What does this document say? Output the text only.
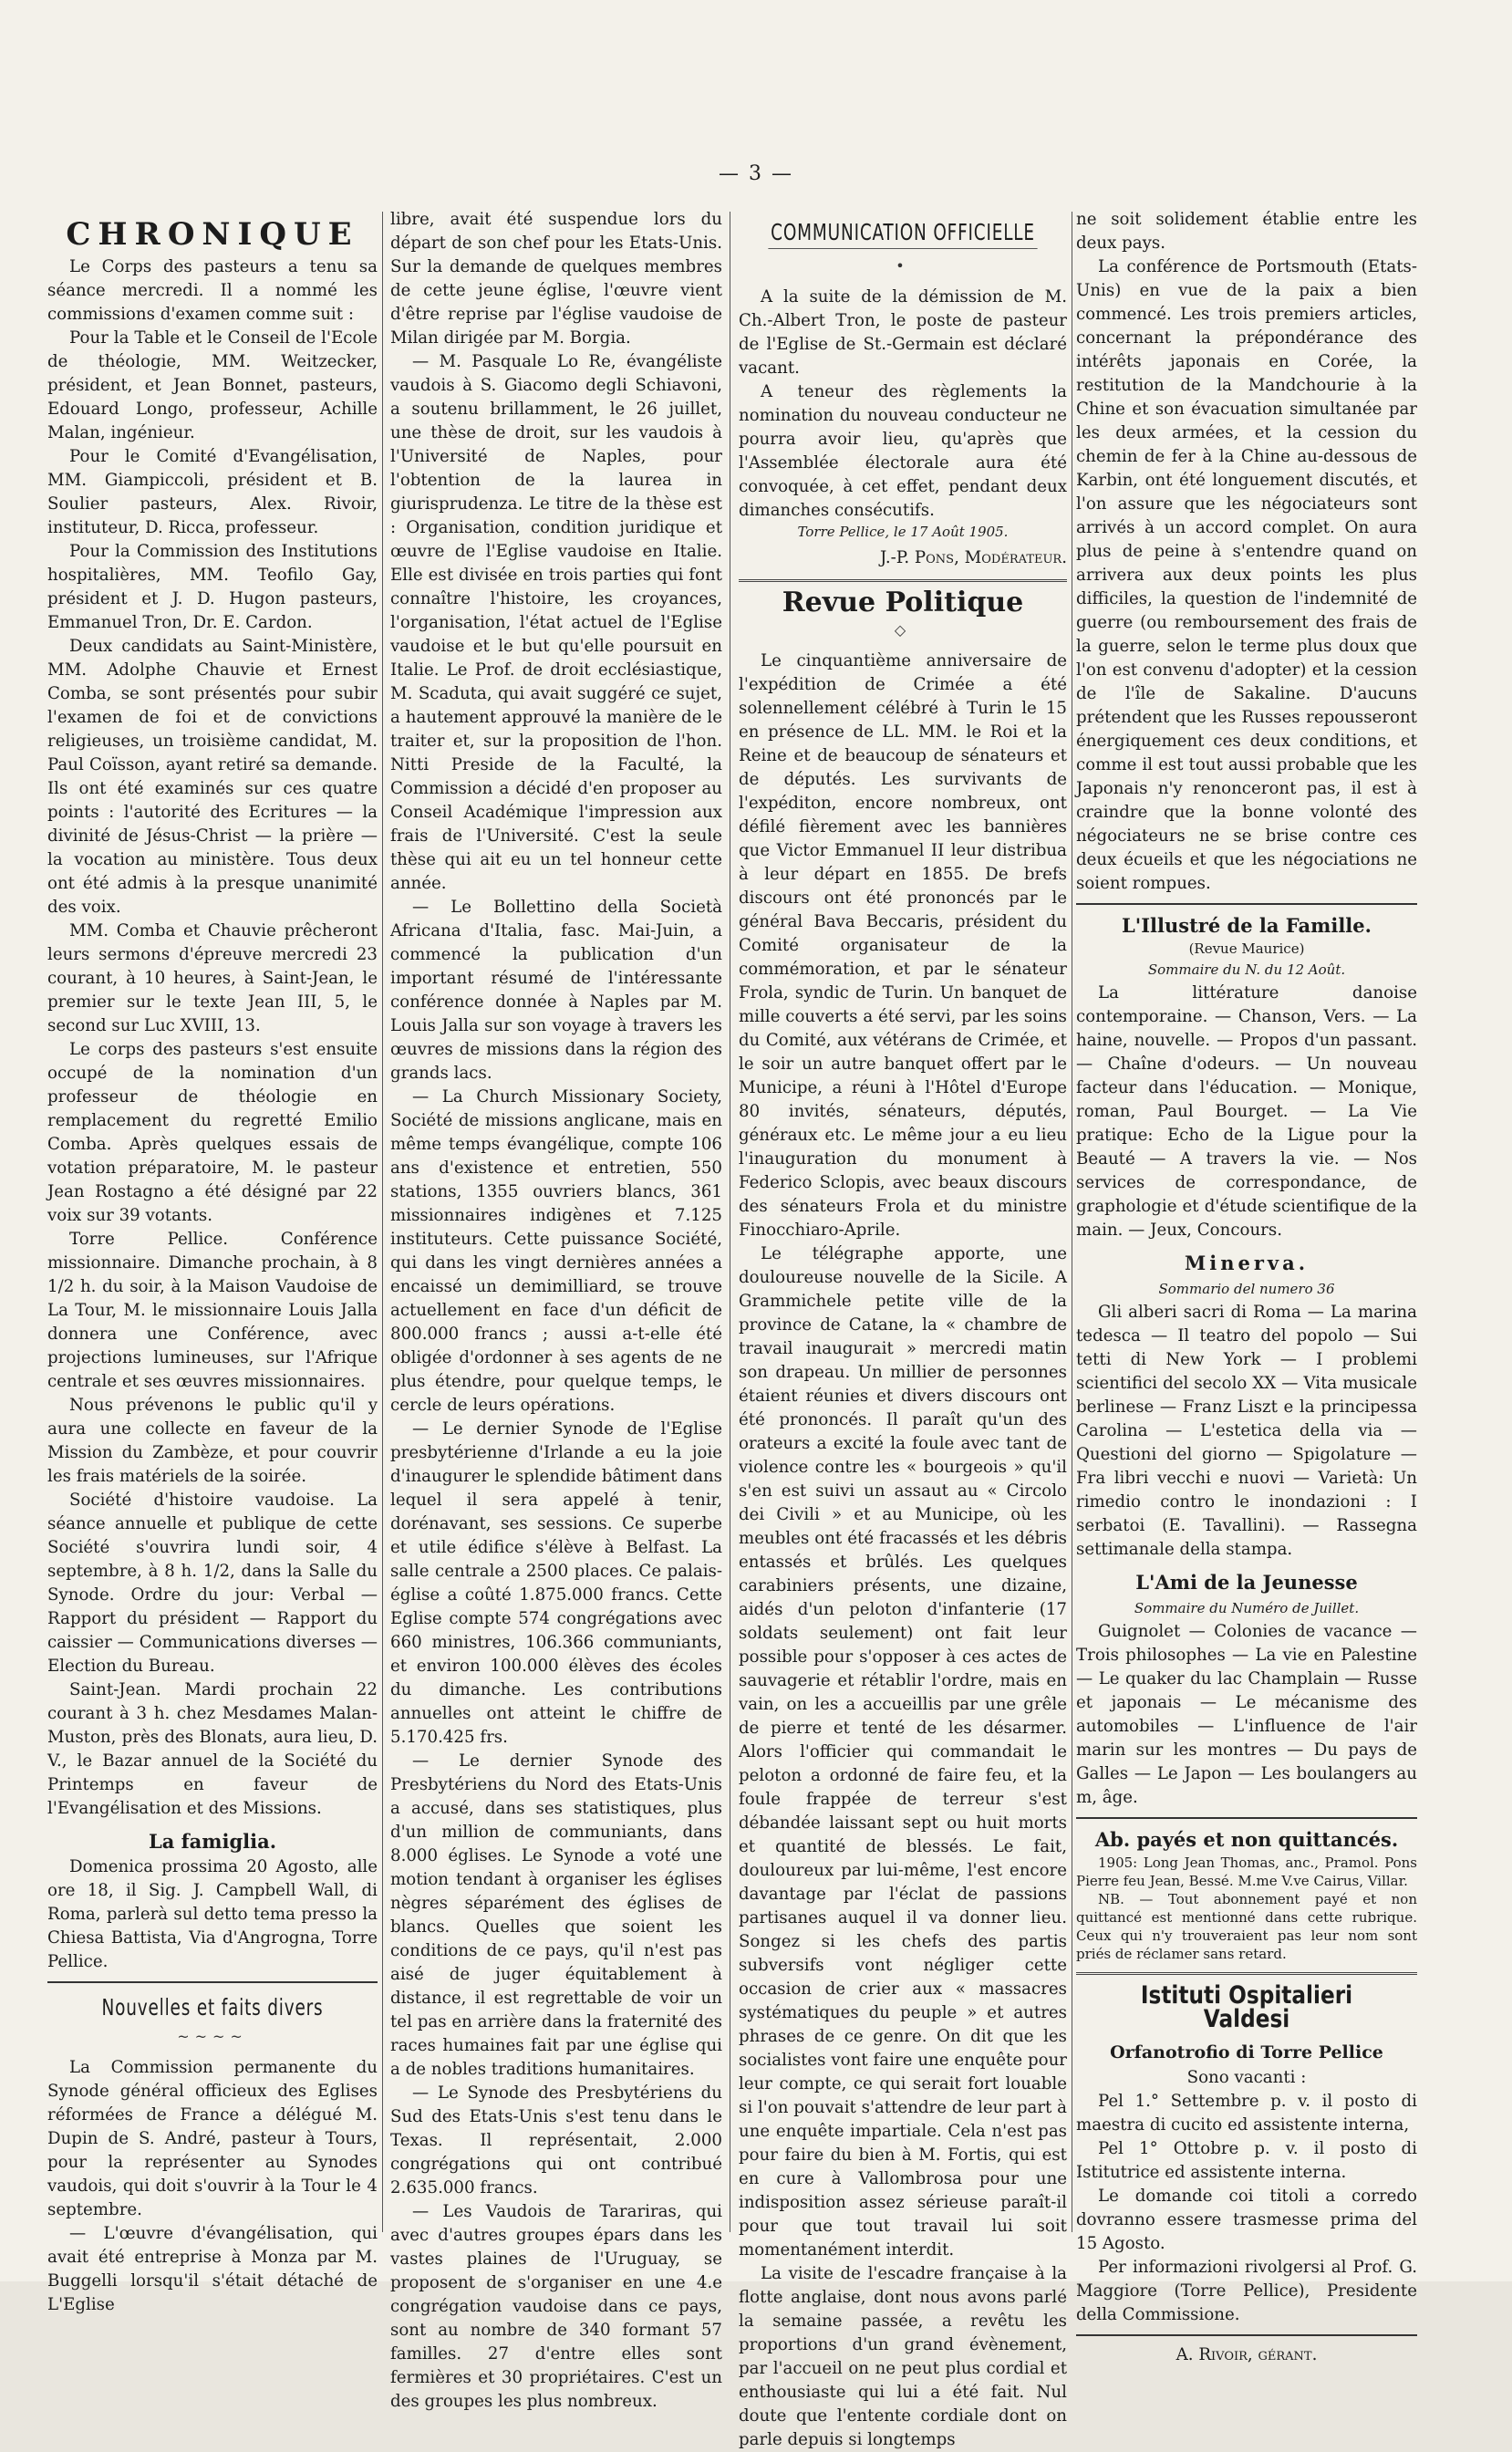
— 3 —
CHRONIQUE

Le Corps des pasteurs a tenu sa séance mercredi. Il a nommé les commissions d'examen comme suit :

Pour la Table et le Conseil de l'Ecole de théologie, MM. Weitzecker, président, et Jean Bonnet, pasteurs, Edouard Longo, professeur, Achille Malan, ingénieur.

Pour le Comité d'Evangélisation, MM. Giampiccoli, président et B. Soulier pasteurs, Alex. Rivoir, instituteur, D. Ricca, professeur.

Pour la Commission des Institutions hospitalières, MM. Teofilo Gay, président et J. D. Hugon pasteurs, Emmanuel Tron, Dr. E. Cardon.

Deux candidats au Saint-Ministère, MM. Adolphe Chauvie et Ernest Comba, se sont présentés pour subir l'examen de foi et de convictions religieuses, un troisième candidat, M. Paul Coïsson, ayant retiré sa demande. Ils ont été examinés sur ces quatre points : l'autorité des Ecritures — la divinité de Jésus-Christ — la prière — la vocation au ministère. Tous deux ont été admis à la presque unanimité des voix.

MM. Comba et Chauvie prêcheront leurs sermons d'épreuve mercredi 23 courant, à 10 heures, à Saint-Jean, le premier sur le texte Jean III, 5, le second sur Luc XVIII, 13.

Le corps des pasteurs s'est ensuite occupé de la nomination d'un professeur de théologie en remplacement du regretté Emilio Comba. Après quelques essais de votation préparatoire, M. le pasteur Jean Rostagno a été désigné par 22 voix sur 39 votants.

Torre Pellice. Conférence missionnaire. Dimanche prochain, à 8 1/2 h. du soir, à la Maison Vaudoise de La Tour, M. le missionnaire Louis Jalla donnera une Conférence, avec projections lumineuses, sur l'Afrique centrale et ses œuvres missionnaires.

Nous prévenons le public qu'il y aura une collecte en faveur de la Mission du Zambèze, et pour couvrir les frais matériels de la soirée.

Société d'histoire vaudoise. La séance annuelle et publique de cette Société s'ouvrira lundi soir, 4 septembre, à 8 h. 1/2, dans la Salle du Synode. Ordre du jour: Verbal — Rapport du président — Rapport du caissier — Communications diverses — Election du Bureau.

Saint-Jean. Mardi prochain 22 courant à 3 h. chez Mesdames Malan-Muston, près des Blonats, aura lieu, D. V., le Bazar annuel de la Société du Printemps en faveur de l'Evangélisation et des Missions.

La famiglia.

Domenica prossima 20 Agosto, alle ore 18, il Sig. J. Campbell Wall, di Roma, parlerà sul detto tema presso la Chiesa Battista, Via d'Angrogna, Torre Pellice.

Nouvelles et faits divers
~~~~

La Commission permanente du Synode général officieux des Eglises réformées de France a délégué M. Dupin de S. André, pasteur à Tours, pour la représenter au Synodes vaudois, qui doit s'ouvrir à la Tour le 4 septembre.

— L'œuvre d'évangélisation, qui avait été entreprise à Monza par M. Buggelli lorsqu'il s'était détaché de L'Eglise

libre, avait été suspendue lors du départ de son chef pour les Etats-Unis. Sur la demande de quelques membres de cette jeune église, l'œuvre vient d'être reprise par l'église vaudoise de Milan dirigée par M. Borgia.

— M. Pasquale Lo Re, évangéliste vaudois à S. Giacomo degli Schiavoni, a soutenu brillamment, le 26 juillet, une thèse de droit, sur les vaudois à l'Université de Naples, pour l'obtention de la laurea in giurisprudenza. Le titre de la thèse est : Organisation, condition juridique et œuvre de l'Eglise vaudoise en Italie. Elle est divisée en trois parties qui font connaître l'histoire, les croyances, l'organisation, l'état actuel de l'Eglise vaudoise et le but qu'elle poursuit en Italie. Le Prof. de droit ecclésiastique, M. Scaduta, qui avait suggéré ce sujet, a hautement approuvé la manière de le traiter et, sur la proposition de l'hon. Nitti Preside de la Faculté, la Commission a décidé d'en proposer au Conseil Académique l'impression aux frais de l'Université. C'est la seule thèse qui ait eu un tel honneur cette année.

— Le Bollettino della Società Africana d'Italia, fasc. Mai-Juin, a commencé la publication d'un important résumé de l'intéressante conférence donnée à Naples par M. Louis Jalla sur son voyage à travers les œuvres de missions dans la région des grands lacs.

— La Church Missionary Society, Société de missions anglicane, mais en même temps évangélique, compte 106 ans d'existence et entretien, 550 stations, 1355 ouvriers blancs, 361 missionnaires indigènes et 7.125 instituteurs. Cette puissance Société, qui dans les vingt dernières années a encaissé un demimilliard, se trouve actuellement en face d'un déficit de 800.000 francs ; aussi a-t-elle été obligée d'ordonner à ses agents de ne plus étendre, pour quelque temps, le cercle de leurs opérations.

— Le dernier Synode de l'Eglise presbytérienne d'Irlande a eu la joie d'inaugurer le splendide bâtiment dans lequel il sera appelé à tenir, dorénavant, ses sessions. Ce superbe et utile édifice s'élève à Belfast. La salle centrale a 2500 places. Ce palais-église a coûté 1.875.000 francs. Cette Eglise compte 574 congrégations avec 660 ministres, 106.366 communiants, et environ 100.000 élèves des écoles du dimanche. Les contributions annuelles ont atteint le chiffre de 5.170.425 frs.

— Le dernier Synode des Presbytériens du Nord des Etats-Unis a accusé, dans ses statistiques, plus d'un million de communiants, dans 8.000 églises. Le Synode a voté une motion tendant à organiser les églises nègres séparément des églises de blancs. Quelles que soient les conditions de ce pays, qu'il n'est pas aisé de juger équitablement à distance, il est regrettable de voir un tel pas en arrière dans la fraternité des races humaines fait par une église qui a de nobles traditions humanitaires.

— Le Synode des Presbytériens du Sud des Etats-Unis s'est tenu dans le Texas. Il représentait, 2.000 congrégations qui ont contribué 2.635.000 francs.

— Les Vaudois de Tarariras, qui avec d'autres groupes épars dans les vastes plaines de l'Uruguay, se proposent de s'organiser en une 4.e congrégation vaudoise dans ce pays, sont au nombre de 340 formant 57 familles. 27 d'entre elles sont fermières et 30 propriétaires. C'est un des groupes les plus nombreux.

COMMUNICATION OFFICIELLE
•

A la suite de la démission de M. Ch.-Albert Tron, le poste de pasteur de l'Eglise de St.-Germain est déclaré vacant.

A teneur des règlements la nomination du nouveau conducteur ne pourra avoir lieu, qu'après que l'Assemblée électorale aura été convoquée, à cet effet, pendant deux dimanches consécutifs.

Torre Pellice, le 17 Août 1905.

J.-P. Pons, Modérateur.
Revue Politique
◇

Le cinquantième anniversaire de l'expédition de Crimée a été solennellement célébré à Turin le 15 en présence de LL. MM. le Roi et la Reine et de beaucoup de sénateurs et de députés. Les survivants de l'expéditon, encore nombreux, ont défilé fièrement avec les bannières que Victor Emmanuel II leur distribua à leur départ en 1855. De brefs discours ont été prononcés par le général Bava Beccaris, président du Comité organisateur de la commémoration, et par le sénateur Frola, syndic de Turin. Un banquet de mille couverts a été servi, par les soins du Comité, aux vétérans de Crimée, et le soir un autre banquet offert par le Municipe, a réuni à l'Hôtel d'Europe 80 invités, sénateurs, députés, généraux etc. Le même jour a eu lieu l'inauguration du monument à Federico Sclopis, avec beaux discours des sénateurs Frola et du ministre Finocchiaro-Aprile.

Le télégraphe apporte, une douloureuse nouvelle de la Sicile. A Grammichele petite ville de la province de Catane, la « chambre de travail inaugurait » mercredi matin son drapeau. Un millier de personnes étaient réunies et divers discours ont été prononcés. Il paraît qu'un des orateurs a excité la foule avec tant de violence contre les « bourgeois » qu'il s'en est suivi un assaut au « Circolo dei Civili » et au Municipe, où les meubles ont été fracassés et les débris entassés et brûlés. Les quelques carabiniers présents, une dizaine, aidés d'un peloton d'infanterie (17 soldats seulement) ont fait leur possible pour s'opposer à ces actes de sauvagerie et rétablir l'ordre, mais en vain, on les a accueillis par une grêle de pierre et tenté de les désarmer. Alors l'officier qui commandait le peloton a ordonné de faire feu, et la foule frappée de terreur s'est débandée laissant sept ou huit morts et quantité de blessés. Le fait, douloureux par lui-même, l'est encore davantage par l'éclat de passions partisanes auquel il va donner lieu. Songez si les chefs des partis subversifs vont négliger cette occasion de crier aux « massacres systématiques du peuple » et autres phrases de ce genre. On dit que les socialistes vont faire une enquête pour leur compte, ce qui serait fort louable si l'on pouvait s'attendre de leur part à une enquête impartiale. Cela n'est pas pour faire du bien à M. Fortis, qui est en cure à Vallombrosa pour une indisposition assez sérieuse paraît-il pour que tout travail lui soit momentanément interdit.

La visite de l'escadre française à la flotte anglaise, dont nous avons parlé la semaine passée, a revêtu les proportions d'un grand évènement, par l'accueil on ne peut plus cordial et enthousiaste qui lui a été fait. Nul doute que l'entente cordiale dont on parle depuis si longtemps

ne soit solidement établie entre les deux pays.

La conférence de Portsmouth (Etats-Unis) en vue de la paix a bien commencé. Les trois premiers articles, concernant la prépondérance des intérêts japonais en Corée, la restitution de la Mandchourie à la Chine et son évacuation simultanée par les deux armées, et la cession du chemin de fer à la Chine au-dessous de Karbin, ont été longuement discutés, et l'on assure que les négociateurs sont arrivés à un accord complet. On aura plus de peine à s'entendre quand on arrivera aux deux points les plus difficiles, la question de l'indemnité de guerre (ou remboursement des frais de la guerre, selon le terme plus doux que l'on est convenu d'adopter) et la cession de l'île de Sakaline. D'aucuns prétendent que les Russes repousseront énergiquement ces deux conditions, et comme il est tout aussi probable que les Japonais n'y renonceront pas, il est à craindre que la bonne volonté des négociateurs ne se brise contre ces deux écueils et que les négociations ne soient rompues.

L'Illustré de la Famille.
(Revue Maurice)
Sommaire du N. du 12 Août.

La littérature danoise contemporaine. — Chanson, Vers. — La haine, nouvelle. — Propos d'un passant. — Chaîne d'odeurs. — Un nouveau facteur dans l'éducation. — Monique, roman, Paul Bourget. — La Vie pratique: Echo de la Ligue pour la Beauté — A travers la vie. — Nos services de correspondance, de graphologie et d'étude scientifique de la main. — Jeux, Concours.

Minerva.
Sommario del numero 36

Gli alberi sacri di Roma — La marina tedesca — Il teatro del popolo — Sui tetti di New York — I problemi scientifici del secolo XX — Vita musicale berlinese — Franz Liszt e la principessa Carolina — L'estetica della via — Questioni del giorno — Spigolature — Fra libri vecchi e nuovi — Varietà: Un rimedio contro le inondazioni : I serbatoi (E. Tavallini). — Rassegna settimanale della stampa.

L'Ami de la Jeunesse
Sommaire du Numéro de Juillet.

Guignolet — Colonies de vacance — Trois philosophes — La vie en Palestine — Le quaker du lac Champlain — Russe et japonais — Le mécanisme des automobiles — L'influence de l'air marin sur les montres — Du pays de Galles — Le Japon — Les boulangers au m, âge.

Ab. payés et non quittancés.

1905: Long Jean Thomas, anc., Pramol. Pons Pierre feu Jean, Bessé. M.me V.ve Cairus, Villar.

NB. — Tout abonnement payé et non quittancé est mentionné dans cette rubrique. Ceux qui n'y trouveraient pas leur nom sont priés de réclamer sans retard.

Istituti Ospitalieri Valdesi
Orfanotrofio di Torre Pellice
Sono vacanti :

Pel 1.° Settembre p. v. il posto di maestra di cucito ed assistente interna,

Pel 1° Ottobre p. v. il posto di Istitutrice ed assistente interna.

Le domande coi titoli a corredo dovranno essere trasmesse prima del 15 Agosto.

Per informazioni rivolgersi al Prof. G. Maggiore (Torre Pellice), Presidente della Commissione.

A. Rivoir, gérant.
